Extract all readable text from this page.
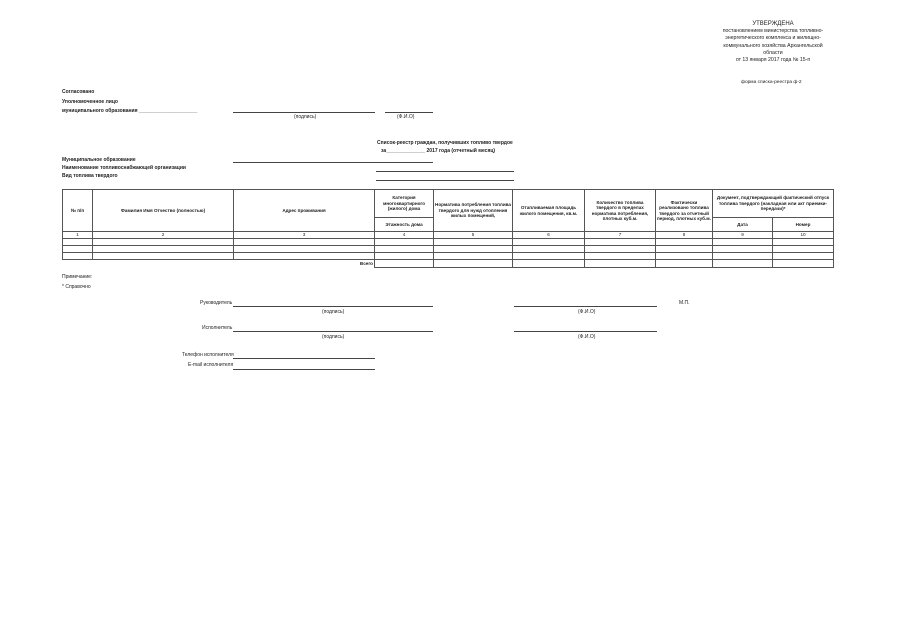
УТВЕРЖДЕНА
постановлением министерства топливно-
энергетического комплекса и жилищно-
коммунального хозяйства Архангельской
области
от 13 января 2017 года № 15-п
форма списка-реестра ф-2
Согласовано
Уполномоченное лицо
муниципального образования _____________________
(подпись)	(Ф.И.О)
Список-реестр граждан, получивших топливо твердое
за______________ 2017 года (отчетный месяц)
Муниципальное образование
Наименование топливоснабжающей организации
Вид топлива твердого
№ п/п	Фамилия Имя Отчество (полностью)	Адрес проживания	Категория многоквартирного (жилого) дома	Норматива потребления топлива твердого для нужд отопления жилых помещений,	Отапливаемая площадь жилого помещения, кв.м.	Количество топлива твердого в пределах норматива потребления, плотных куб.м.	Фактически реализовано топлива твердого за отчетный период, плотных куб.м.	Документ, подтверждающий фактический отпуск топлива твердого (накладная или акт приемки-передачи)*	
			Этажность дома					Дата	Номер
1	2	3	4	5	6	7	8	9	10

		Всего							
Примечание:
* Справочно
Руководитель	М.П.
(подпись)	(Ф.И.О)
Исполнитель
(подпись)	(Ф.И.О)
Телефон исполнителя
E-mail исполнителя
